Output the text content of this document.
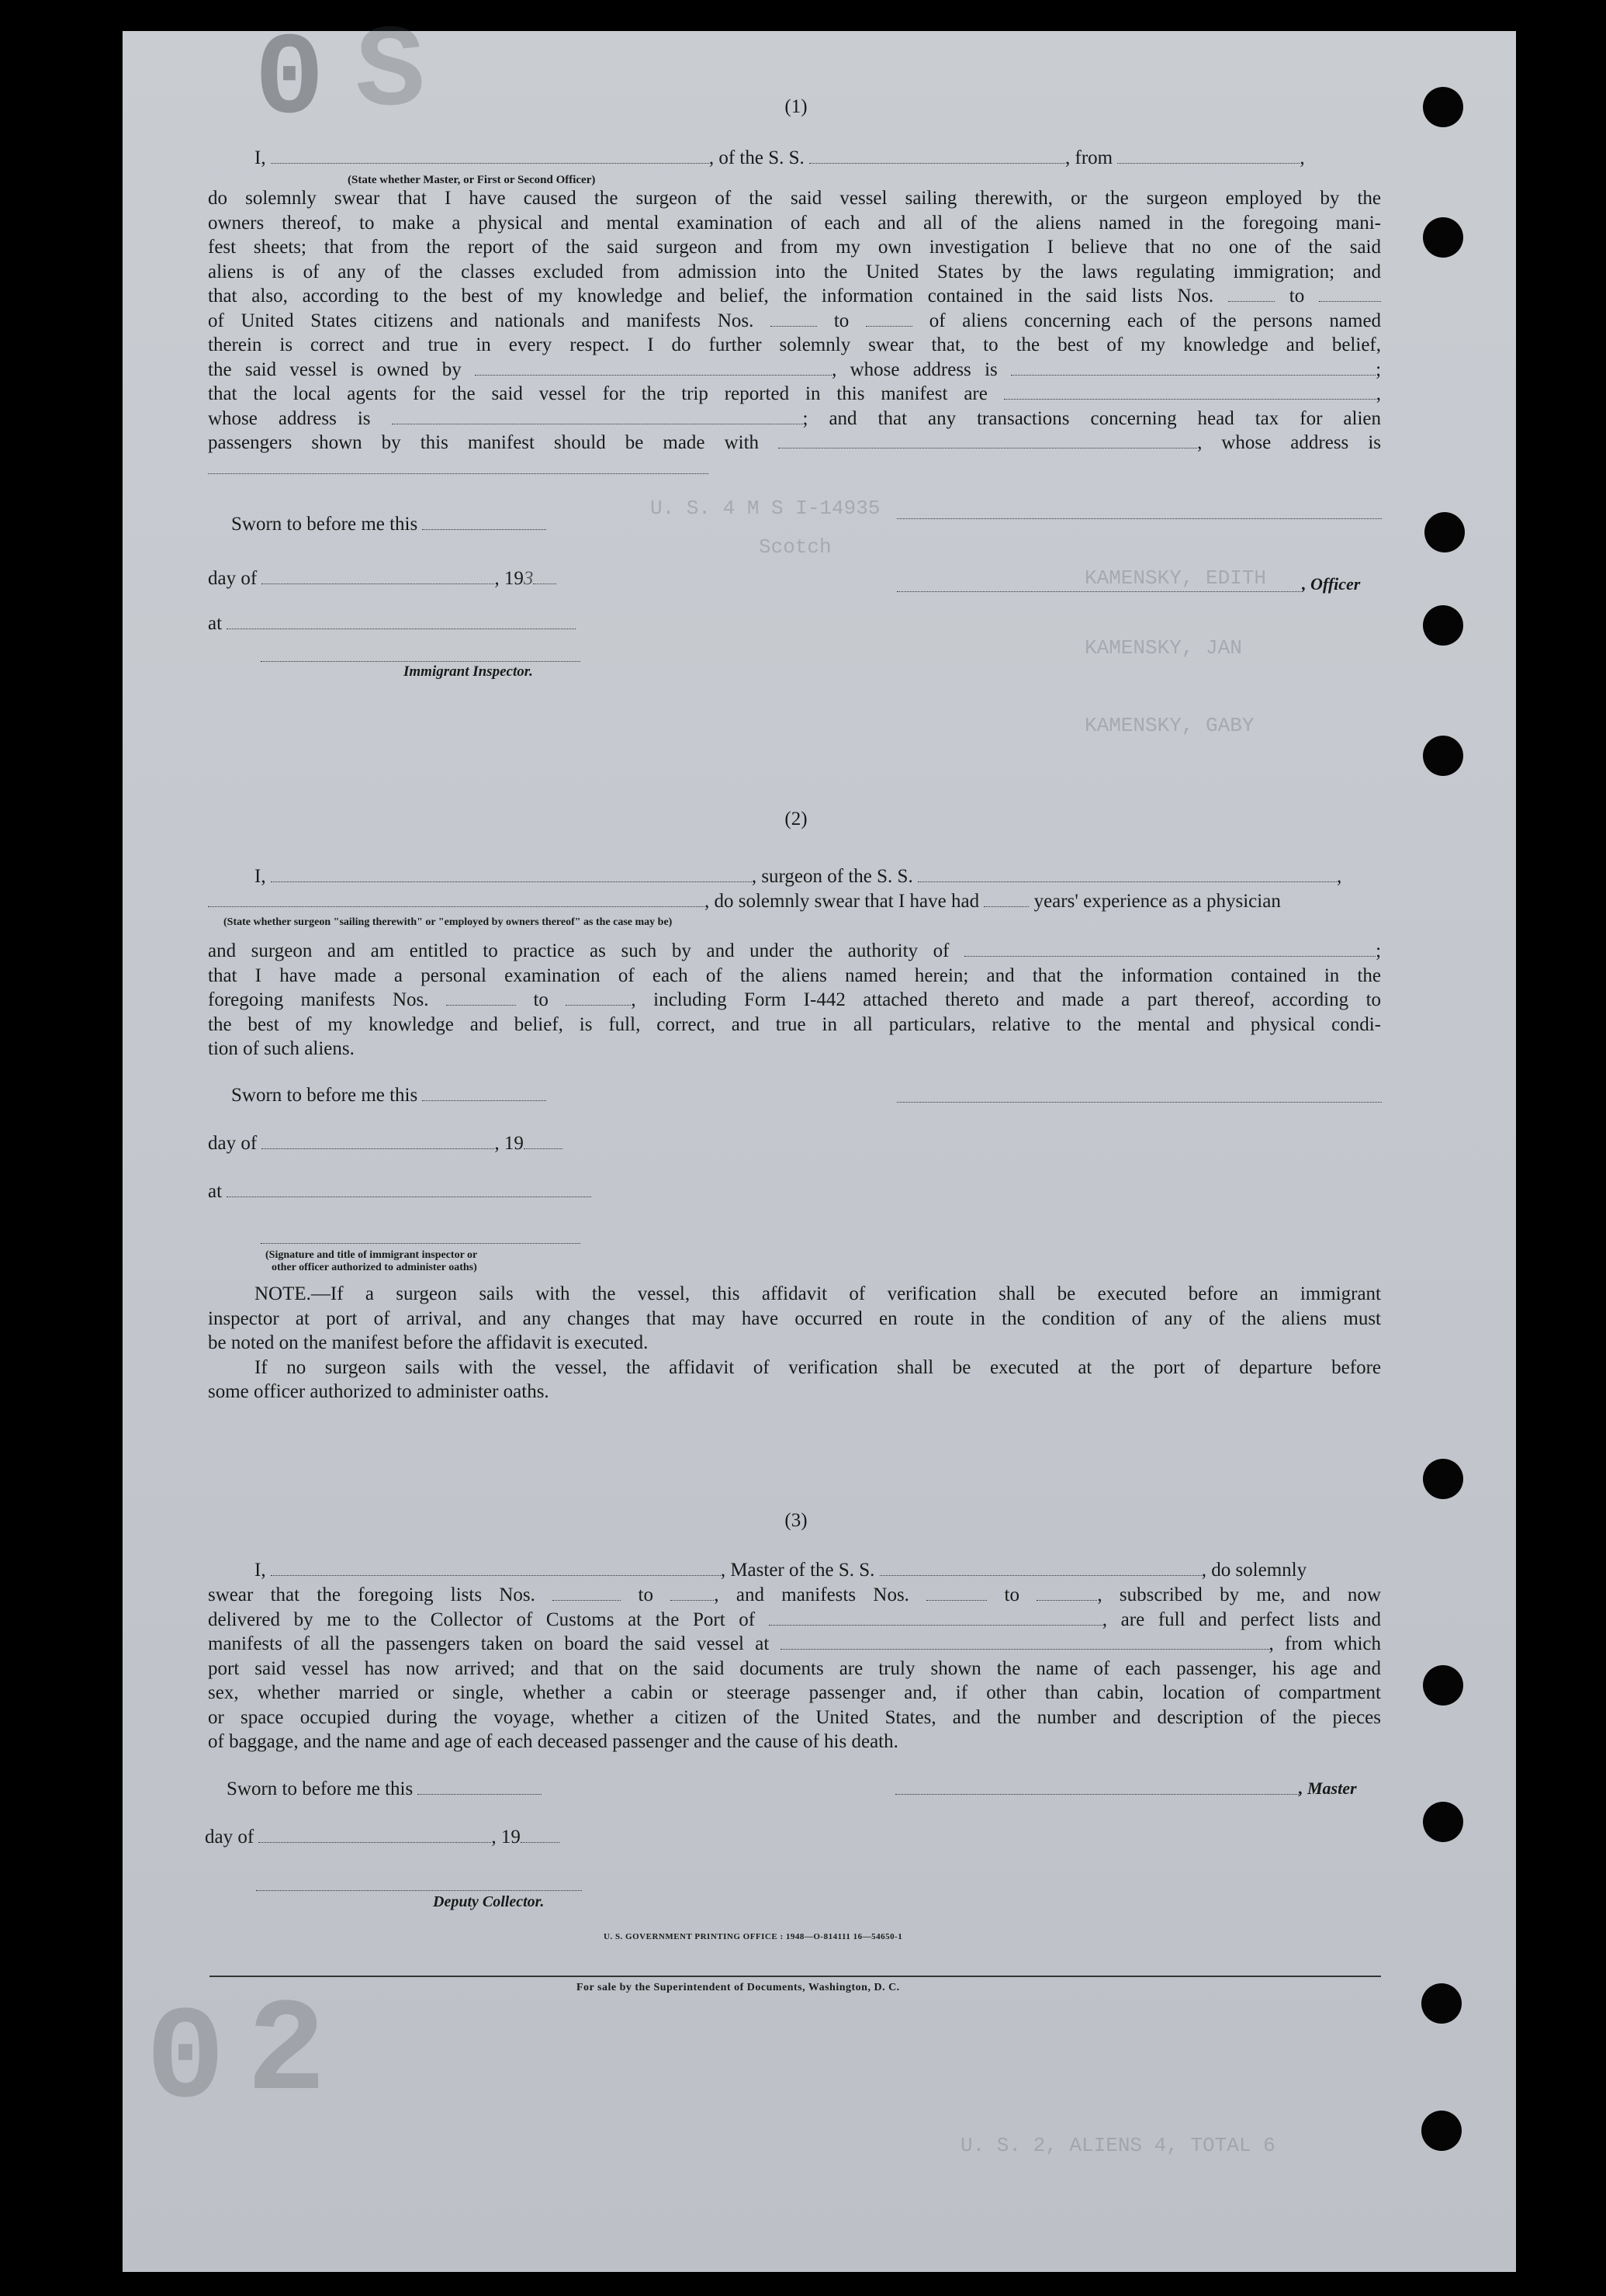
0 S
0 2
U. S. 4 M S I-14935
Scotch
KAMENSKY, EDITH
KAMENSKY, JAN
KAMENSKY, GABY
U. S. 2, ALIENS 4, TOTAL 6
(1)
I,	, of the S. S.	, from	,
(State whether Master, or First or Second Officer)

do solemnly swear that I have caused the surgeon of the said vessel sailing therewith, or the surgeon employed by the

owners thereof, to make a physical and mental examination of each and all of the aliens named in the foregoing mani-

fest sheets; that from the report of the said surgeon and from my own investigation I believe that no one of the said

aliens is of any of the classes excluded from admission into the United States by the laws regulating immigration; and

that also, according to the best of my knowledge and belief, the information contained in the said lists Nos.	to

of United States citizens and nationals and manifests Nos.	to	of aliens concerning each of the persons named

therein is correct and true in every respect. I do further solemnly swear that, to the best of my knowledge and belief,

the said vessel is owned by	, whose address is	;

that the local agents for the said vessel for the trip reported in this manifest are	,

whose address is	; and that any transactions concerning head tax for alien

passengers shown by this manifest should be made with	, whose address is

Sworn to before me this
day of	, 193	, Officer
at
Immigrant Inspector.
(2)
I,	, surgeon of the S. S.	,
, do solemnly swear that I have had	years' experience as a physician
(State whether surgeon "sailing therewith" or "employed by owners thereof" as the case may be)

and surgeon and am entitled to practice as such by and under the authority of	;

that I have made a personal examination of each of the aliens named herein; and that the information contained in the

foregoing manifests Nos.	to	, including Form I-442 attached thereto and made a part thereof, according to

the best of my knowledge and belief, is full, correct, and true in all particulars, relative to the mental and physical condi-

tion of such aliens.

Sworn to before me this
day of	, 19
at
(Signature and title of immigrant inspector or
other officer authorized to administer oaths)

NOTE.—If a surgeon sails with the vessel, this affidavit of verification shall be executed before an immigrant

inspector at port of arrival, and any changes that may have occurred en route in the condition of any of the aliens must

be noted on the manifest before the affidavit is executed.

If no surgeon sails with the vessel, the affidavit of verification shall be executed at the port of departure before

some officer authorized to administer oaths.

(3)
I,	, Master of the S. S.	, do solemnly

swear that the foregoing lists Nos.	to	, and manifests Nos.	to	, subscribed by me, and now

delivered by me to the Collector of Customs at the Port of	, are full and perfect lists and

manifests of all the passengers taken on board the said vessel at	, from which

port said vessel has now arrived; and that on the said documents are truly shown the name of each passenger, his age and

sex, whether married or single, whether a cabin or steerage passenger and, if other than cabin, location of compartment

or space occupied during the voyage, whether a citizen of the United States, and the number and description of the pieces

of baggage, and the name and age of each deceased passenger and the cause of his death.

Sworn to before me this	, Master
day of	, 19
Deputy Collector.
U. S. GOVERNMENT PRINTING OFFICE : 1948—O-814111 16—54650-1
For sale by the Superintendent of Documents, Washington, D. C.
